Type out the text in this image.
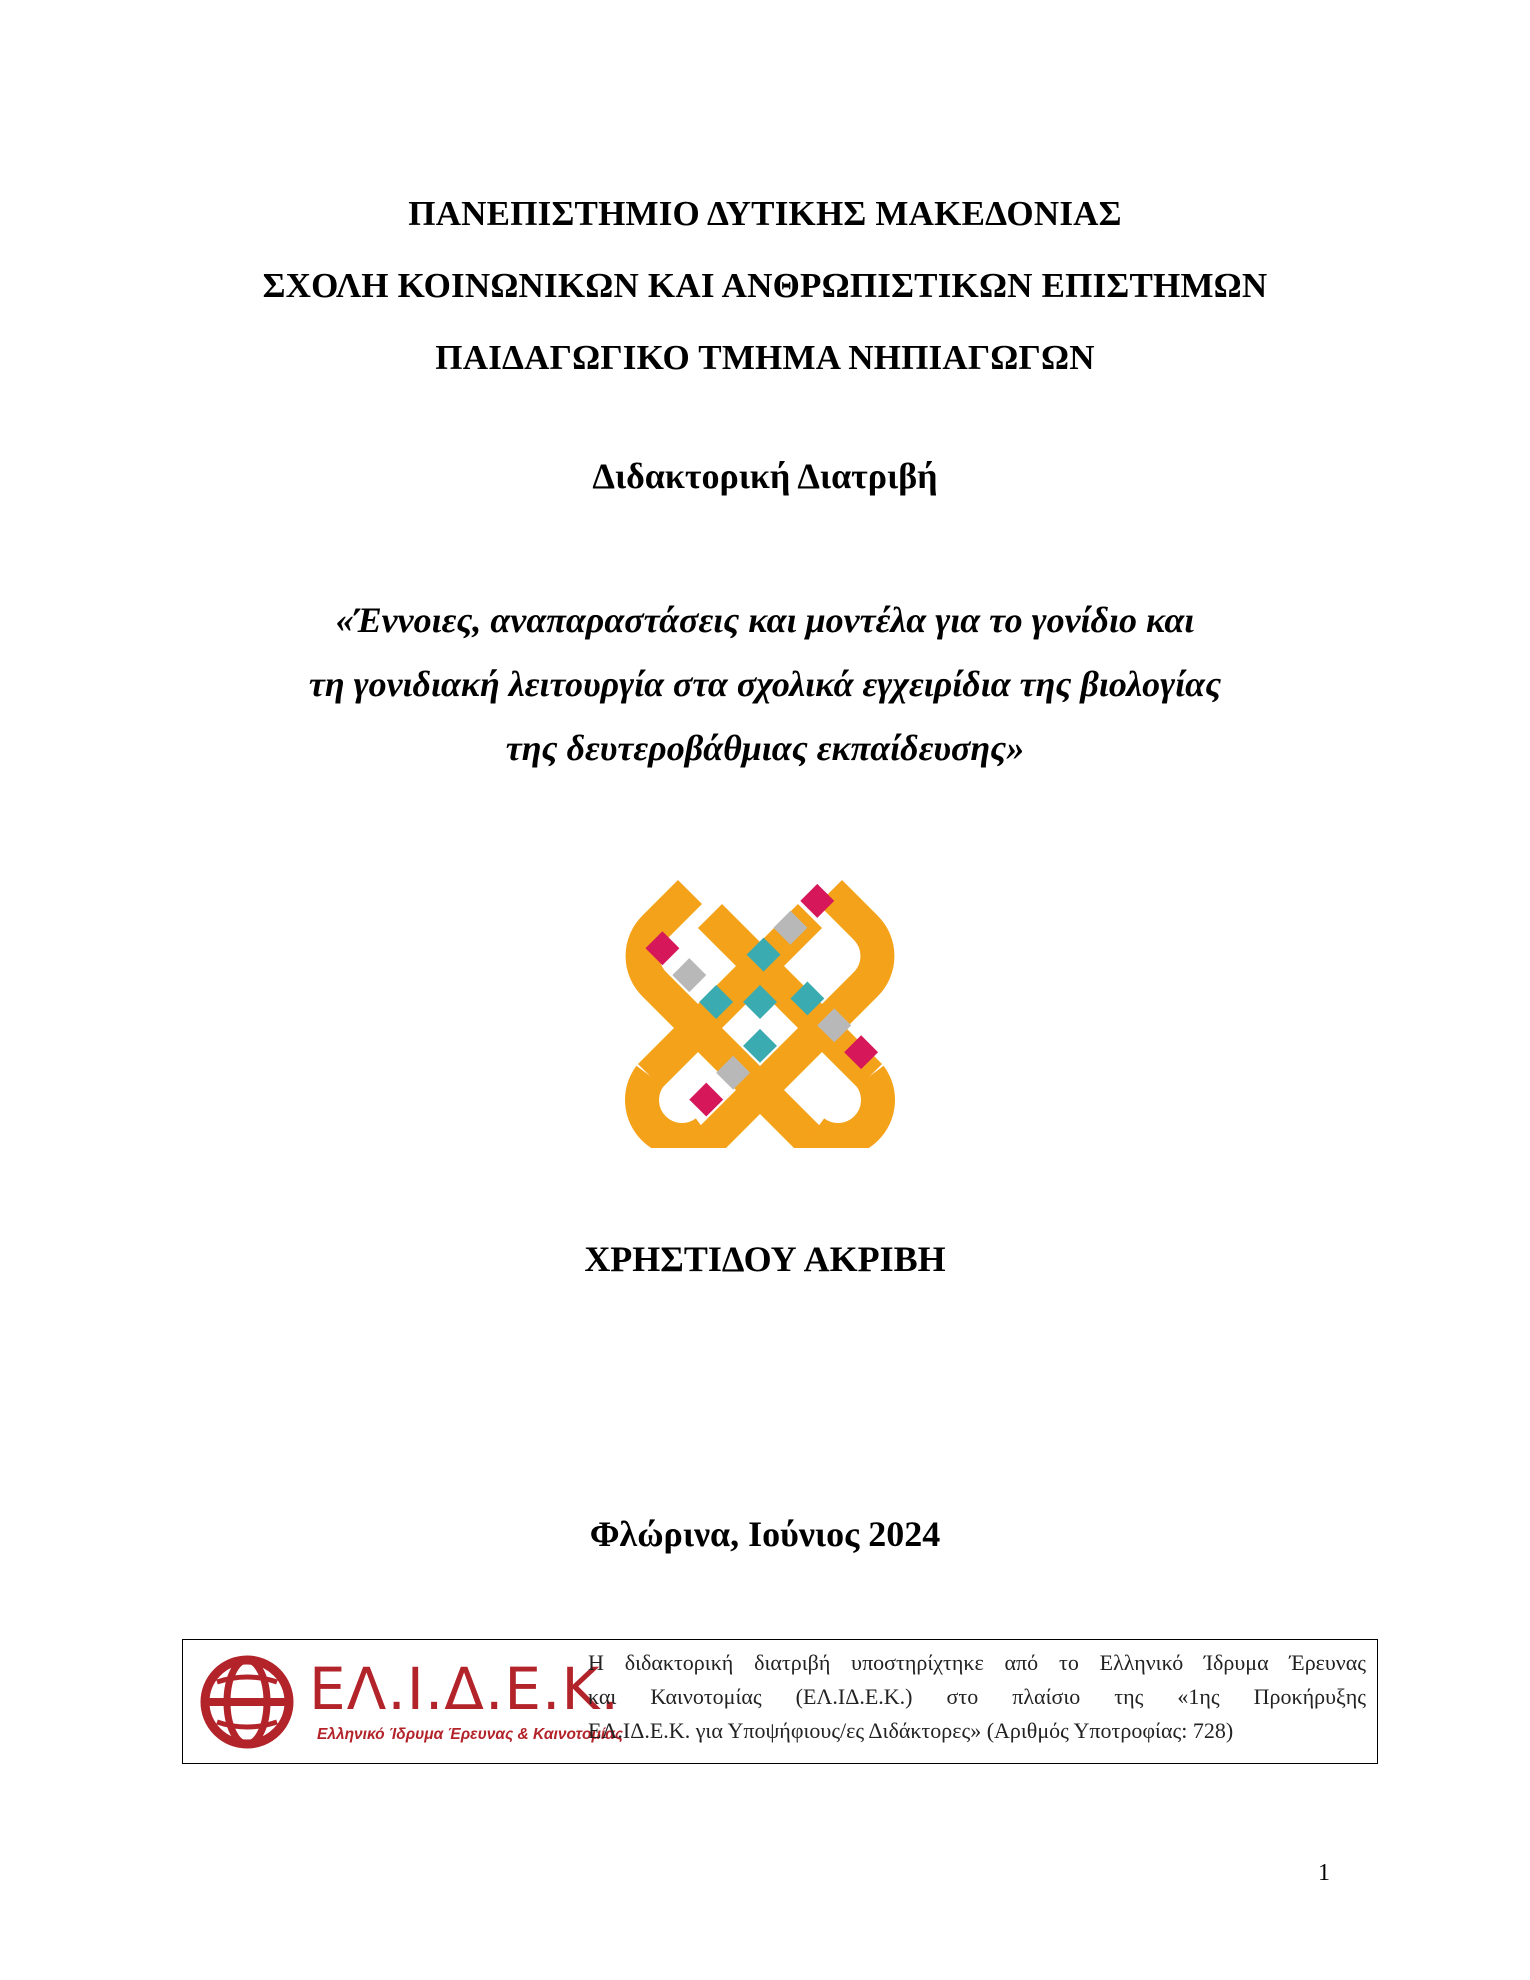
ΠΑΝΕΠΙΣΤΗΜΙΟ ΔΥΤΙΚΗΣ ΜΑΚΕΔΟΝΙΑΣ
ΣΧΟΛΗ ΚΟΙΝΩΝΙΚΩΝ ΚΑΙ ΑΝΘΡΩΠΙΣΤΙΚΩΝ ΕΠΙΣΤΗΜΩΝ
ΠΑΙΔΑΓΩΓΙΚΟ ΤΜΗΜΑ ΝΗΠΙΑΓΩΓΩΝ
Διδακτορική Διατριβή
«Έννοιες, αναπαραστάσεις και μοντέλα για το γονίδιο και
τη γονιδιακή λειτουργία στα σχολικά εγχειρίδια της βιολογίας
της δευτεροβάθμιας εκπαίδευσης»
ΧΡΗΣΤΙΔΟΥ ΑΚΡΙΒΗ
Φλώρινα, Ιούνιος 2024
ΕΛ.Ι.Δ.Ε.Κ.
Ελληνικό Ίδρυμα Έρευνας & Καινοτομίας
Η διδακτορική διατριβή υποστηρίχτηκε από το Ελληνικό Ίδρυμα Έρευνας
και Καινοτομίας (ΕΛ.ΙΔ.Ε.Κ.) στο πλαίσιο της «1ης Προκήρυξης
ΕΛ.ΙΔ.Ε.Κ. για Υποψήφιους/ες Διδάκτορες» (Αριθμός Υποτροφίας: 728)
1
